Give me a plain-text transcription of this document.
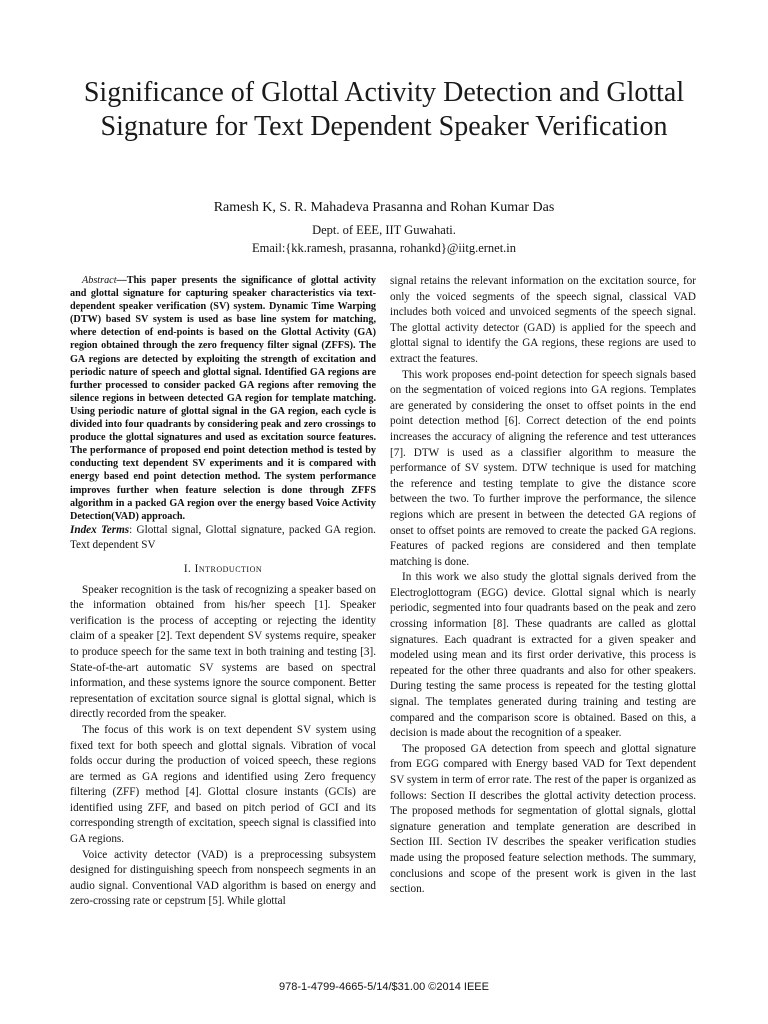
Significance of Glottal Activity Detection and Glottal Signature for Text Dependent Speaker Verification
Ramesh K, S. R. Mahadeva Prasanna and Rohan Kumar Das
Dept. of EEE, IIT Guwahati.
Email:{kk.ramesh, prasanna, rohankd}@iitg.ernet.in

Abstract—This paper presents the significance of glottal activity and glottal signature for capturing speaker characteristics via text-dependent speaker verification (SV) system. Dynamic Time Warping (DTW) based SV system is used as base line system for matching, where detection of end-points is based on the Glottal Activity (GA) region obtained through the zero frequency filter signal (ZFFS). The GA regions are detected by exploiting the strength of excitation and periodic nature of speech and glottal signal. Identified GA regions are further processed to consider packed GA regions after removing the silence regions in between detected GA region for template matching. Using periodic nature of glottal signal in the GA region, each cycle is divided into four quadrants by considering peak and zero crossings to produce the glottal signatures and used as excitation source features. The performance of proposed end point detection method is tested by conducting text dependent SV experiments and it is compared with energy based end point detection method. The system performance improves further when feature selection is done through ZFFS algorithm in a packed GA region over the energy based Voice Activity Detection(VAD) approach.

Index Terms: Glottal signal, Glottal signature, packed GA region. Text dependent SV

I. Introduction

Speaker recognition is the task of recognizing a speaker based on the information obtained from his/her speech [1]. Speaker verification is the process of accepting or rejecting the identity claim of a speaker [2]. Text dependent SV systems require, speaker to produce speech for the same text in both training and testing [3]. State-of-the-art automatic SV systems are based on spectral information, and these systems ignore the source component. Better representation of excitation source signal is glottal signal, which is directly recorded from the speaker.

The focus of this work is on text dependent SV system using fixed text for both speech and glottal signals. Vibration of vocal folds occur during the production of voiced speech, these regions are termed as GA regions and identified using Zero frequency filtering (ZFF) method [4]. Glottal closure instants (GCIs) are identified using ZFF, and based on pitch period of GCI and its corresponding strength of excitation, speech signal is classified into GA regions.

Voice activity detector (VAD) is a preprocessing subsystem designed for distinguishing speech from nonspeech segments in an audio signal. Conventional VAD algorithm is based on energy and zero-crossing rate or cepstrum [5]. While glottal

signal retains the relevant information on the excitation source, for only the voiced segments of the speech signal, classical VAD includes both voiced and unvoiced segments of the speech signal. The glottal activity detector (GAD) is applied for the speech and glottal signal to identify the GA regions, these regions are used to extract the features.

This work proposes end-point detection for speech signals based on the segmentation of voiced regions into GA regions. Templates are generated by considering the onset to offset points in the end point detection method [6]. Correct detection of the end points increases the accuracy of aligning the reference and test utterances [7]. DTW is used as a classifier algorithm to measure the performance of SV system. DTW technique is used for matching the reference and testing template to give the distance score between the two. To further improve the performance, the silence regions which are present in between the detected GA regions of onset to offset points are removed to create the packed GA regions. Features of packed regions are considered and then template matching is done.

In this work we also study the glottal signals derived from the Electroglottogram (EGG) device. Glottal signal which is nearly periodic, segmented into four quadrants based on the peak and zero crossing information [8]. These quadrants are called as glottal signatures. Each quadrant is extracted for a given speaker and modeled using mean and its first order derivative, this process is repeated for the other three quadrants and also for other speakers. During testing the same process is repeated for the testing glottal signal. The templates generated during training and testing are compared and the comparison score is obtained. Based on this, a decision is made about the recognition of a speaker.

The proposed GA detection from speech and glottal signature from EGG compared with Energy based VAD for Text dependent SV system in term of error rate. The rest of the paper is organized as follows: Section II describes the glottal activity detection process. The proposed methods for segmentation of glottal signals, glottal signature generation and template generation are described in Section III. Section IV describes the speaker verification studies made using the proposed feature selection methods. The summary, conclusions and scope of the present work is given in the last section.

978-1-4799-4665-5/14/$31.00 ©2014 IEEE
